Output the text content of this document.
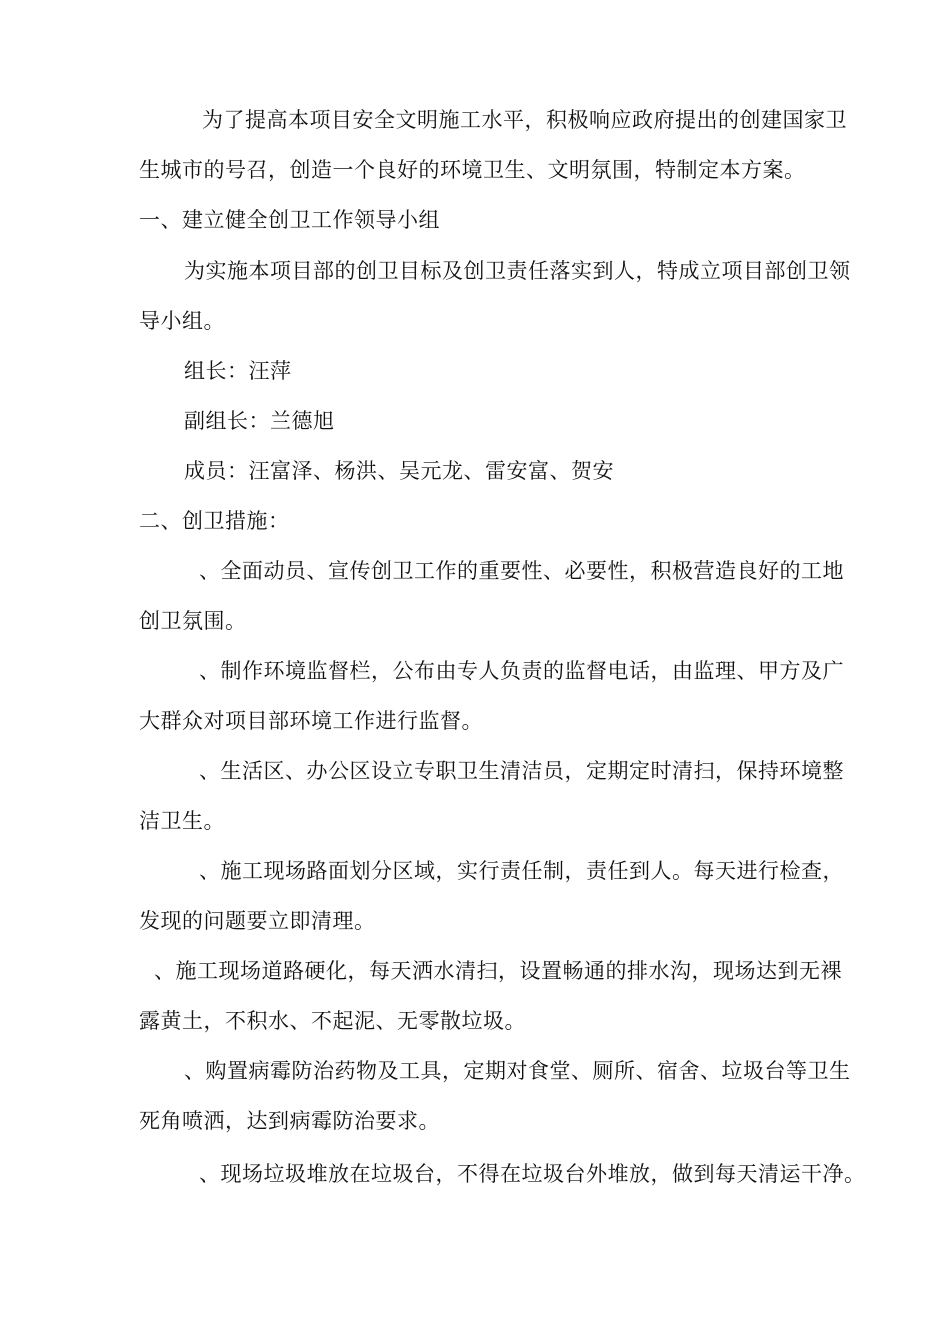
为了提高本项目安全文明施工水平，积极响应政府提出的创建国家卫
生城市的号召，创造一个良好的环境卫生、文明氛围，特制定本方案。
一、建立健全创卫工作领导小组
为实施本项目部的创卫目标及创卫责任落实到人，特成立项目部创卫领
导小组。
组长：汪萍
副组长：兰德旭
成员：汪富泽、杨洪、吴元龙、雷安富、贺安
二、创卫措施：
、全面动员、宣传创卫工作的重要性、必要性，积极营造良好的工地
创卫氛围。
、制作环境监督栏，公布由专人负责的监督电话，由监理、甲方及广
大群众对项目部环境工作进行监督。
、生活区、办公区设立专职卫生清洁员，定期定时清扫，保持环境整
洁卫生。
、施工现场路面划分区域，实行责任制，责任到人。每天进行检查，
发现的问题要立即清理。
、施工现场道路硬化，每天洒水清扫，设置畅通的排水沟，现场达到无裸
露黄土，不积水、不起泥、无零散垃圾。
、购置病霉防治药物及工具，定期对食堂、厕所、宿舍、垃圾台等卫生
死角喷洒，达到病霉防治要求。
、现场垃圾堆放在垃圾台，不得在垃圾台外堆放，做到每天清运干净。
